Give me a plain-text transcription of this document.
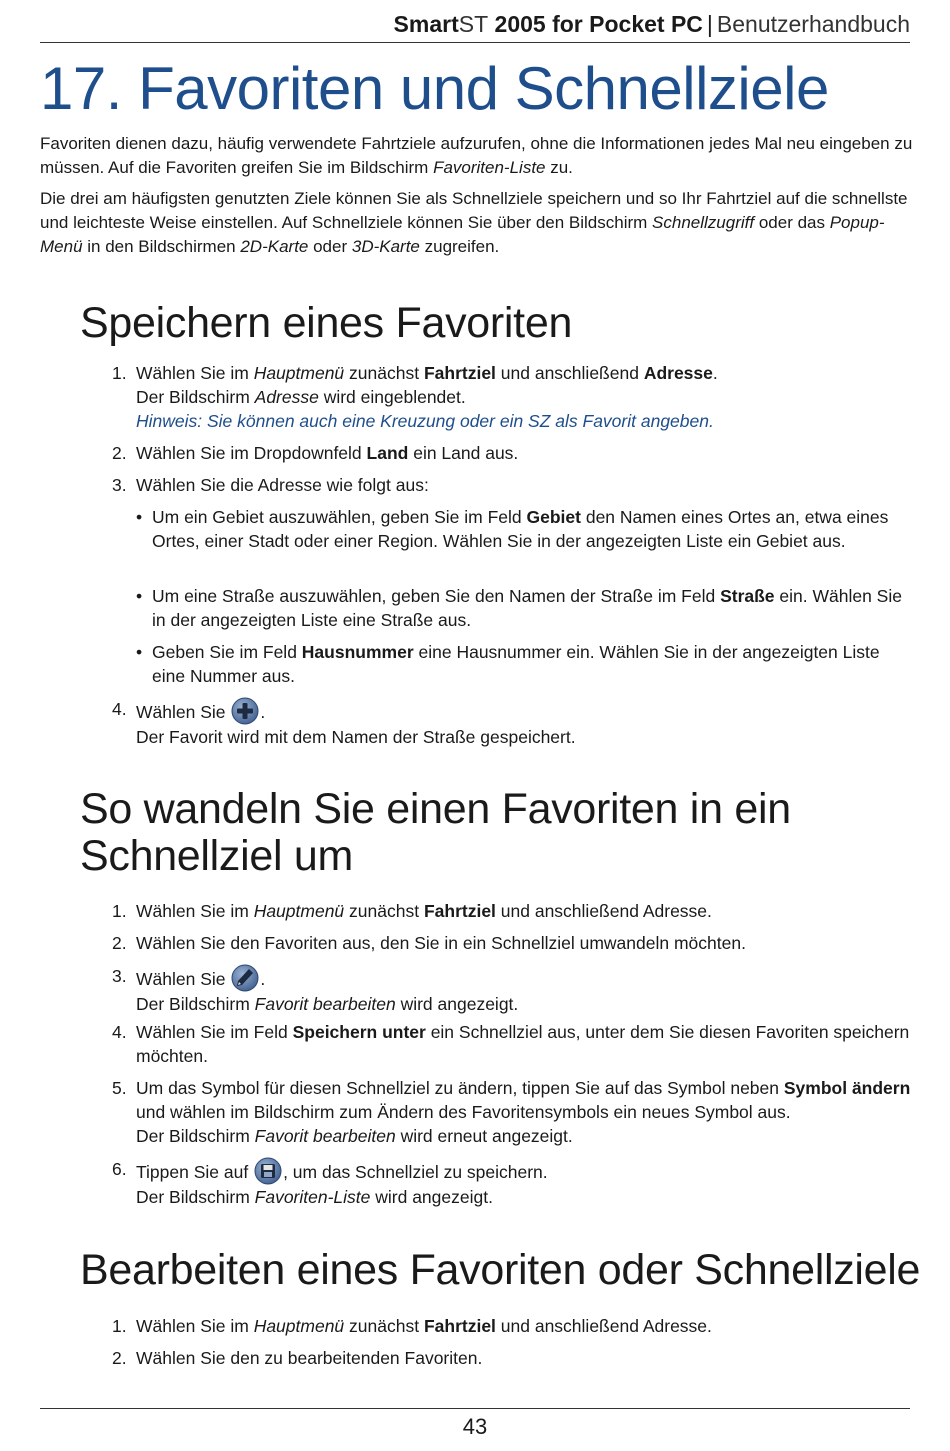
SmartST 2005 for Pocket PC | Benutzerhandbuch
17. Favoriten und Schnellziele

Favoriten dienen dazu, häufig verwendete Fahrtziele aufzurufen, ohne die Informationen jedes Mal neu eingeben zu müssen. Auf die Favoriten greifen Sie im Bildschirm Favoriten-Liste zu.

Die drei am häufigsten genutzten Ziele können Sie als Schnellziele speichern und so Ihr Fahrtziel auf die schnellste und leichteste Weise einstellen. Auf Schnellziele können Sie über den Bildschirm Schnellzugriff oder das Popup-Menü in den Bildschirmen 2D-Karte oder 3D-Karte zugreifen.

Speichern eines Favoriten
1. Wählen Sie im Hauptmenü zunächst Fahrtziel und anschließend Adresse.
Der Bildschirm Adresse wird eingeblendet.
Hinweis: Sie können auch eine Kreuzung oder ein SZ als Favorit angeben.
2. Wählen Sie im Dropdownfeld Land ein Land aus.
3. Wählen Sie die Adresse wie folgt aus:
• Um ein Gebiet auszuwählen, geben Sie im Feld Gebiet den Namen eines Ortes an, etwa eines Ortes, einer Stadt oder einer Region. Wählen Sie in der angezeigten Liste ein Gebiet aus.
• Um eine Straße auszuwählen, geben Sie den Namen der Straße im Feld Straße ein. Wählen Sie in der angezeigten Liste eine Straße aus.
• Geben Sie im Feld Hausnummer eine Hausnummer ein. Wählen Sie in der angezeigten Liste eine Nummer aus.
4. Wählen Sie .
Der Favorit wird mit dem Namen der Straße gespeichert.
So wandeln Sie einen Favoriten in ein
Schnellziel um
1. Wählen Sie im Hauptmenü zunächst Fahrtziel und anschließend Adresse.
2. Wählen Sie den Favoriten aus, den Sie in ein Schnellziel umwandeln möchten.
3. Wählen Sie .
Der Bildschirm Favorit bearbeiten wird angezeigt.
4. Wählen Sie im Feld Speichern unter ein Schnellziel aus, unter dem Sie diesen Favoriten speichern möchten.
5. Um das Symbol für diesen Schnellziel zu ändern, tippen Sie auf das Symbol neben Symbol ändern und wählen im Bildschirm zum Ändern des Favoritensymbols ein neues Symbol aus.
Der Bildschirm Favorit bearbeiten wird erneut angezeigt.
6. Tippen Sie auf , um das Schnellziel zu speichern.
Der Bildschirm Favoriten-Liste wird angezeigt.
Bearbeiten eines Favoriten oder Schnellziele
1. Wählen Sie im Hauptmenü zunächst Fahrtziel und anschließend Adresse.
2. Wählen Sie den zu bearbeitenden Favoriten.
43
